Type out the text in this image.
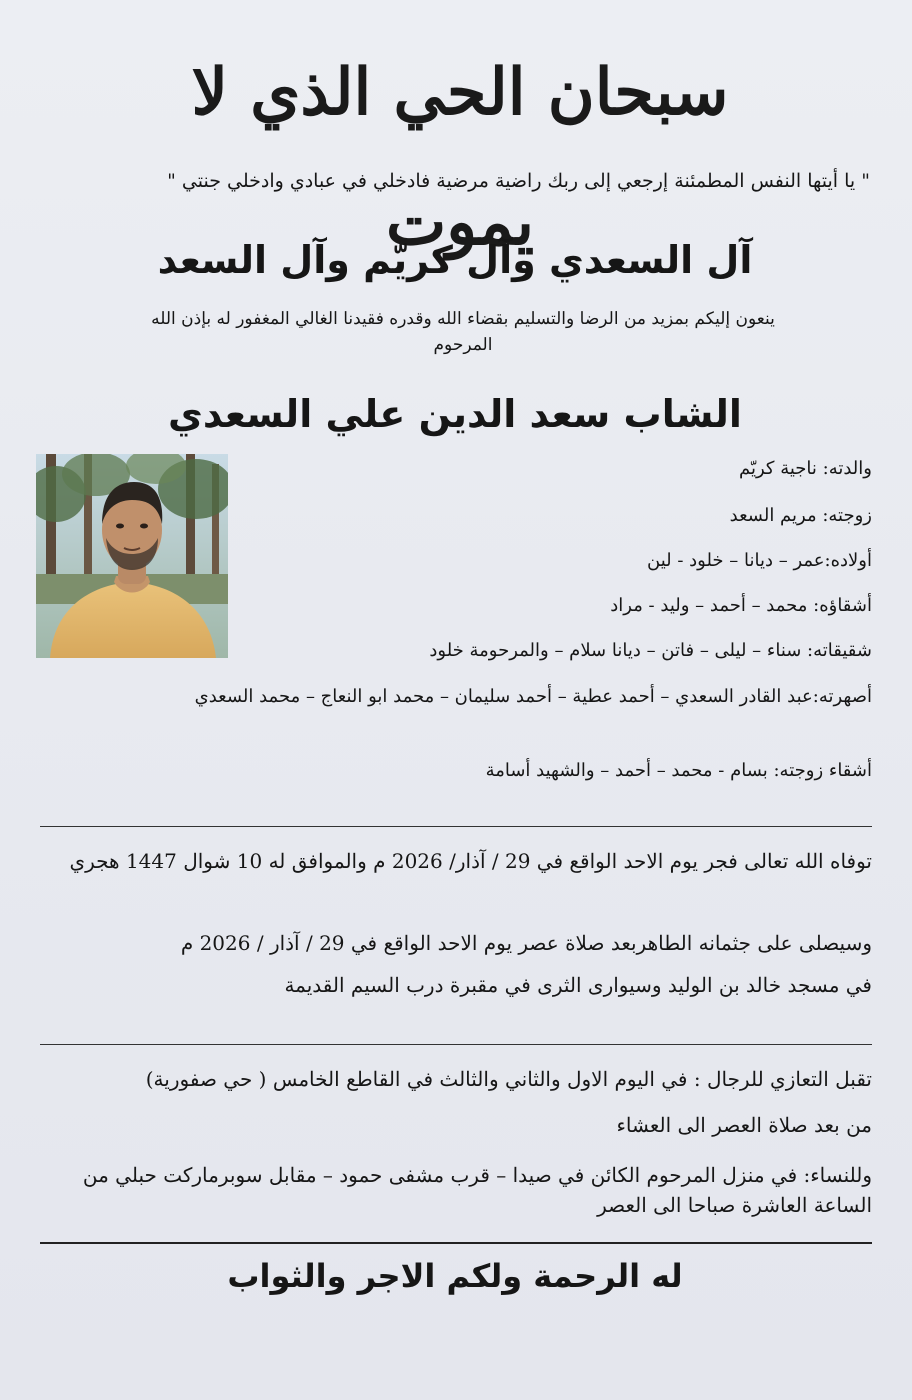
سبحان الحي الذي لا يموت
" يا أيتها النفس المطمئنة إرجعي إلى ربك راضية مرضية فادخلي في عبادي وادخلي جنتي "
آل السعدي وآل كريّم وآل السعد
ينعون إليكم بمزيد من الرضا والتسليم بقضاء الله وقدره فقيدنا الغالي المغفور له بإذن الله
المرحوم
الشاب سعد الدين علي السعدي
والدته: ناجية كريّم
زوجته: مريم السعد
أولاده:عمر – ديانا – خلود - لين
أشقاؤه: محمد – أحمد – وليد - مراد
شقيقاته: سناء – ليلى – فاتن – ديانا سلام – والمرحومة خلود
أصهرته:عبد القادر السعدي – أحمد عطية – أحمد سليمان – محمد ابو النعاج – محمد السعدي
أشقاء زوجته: بسام - محمد – أحمد – والشهيد أسامة
توفاه الله تعالى فجر يوم الاحد الواقع في 29 / آذار/ 2026 م والموافق له 10 شوال 1447 هجري
وسيصلى على جثمانه الطاهربعد صلاة عصر يوم الاحد الواقع في 29 / آذار / 2026 م
في مسجد خالد بن الوليد وسيوارى الثرى في مقبرة درب السيم القديمة
تقبل التعازي للرجال : في اليوم الاول والثاني والثالث في القاطع الخامس ( حي صفورية)
من بعد صلاة العصر الى العشاء
وللنساء: في منزل المرحوم الكائن في صيدا – قرب مشفى حمود – مقابل سوبرماركت حبلي من الساعة العاشرة صباحا الى العصر
له الرحمة ولكم الاجر والثواب
